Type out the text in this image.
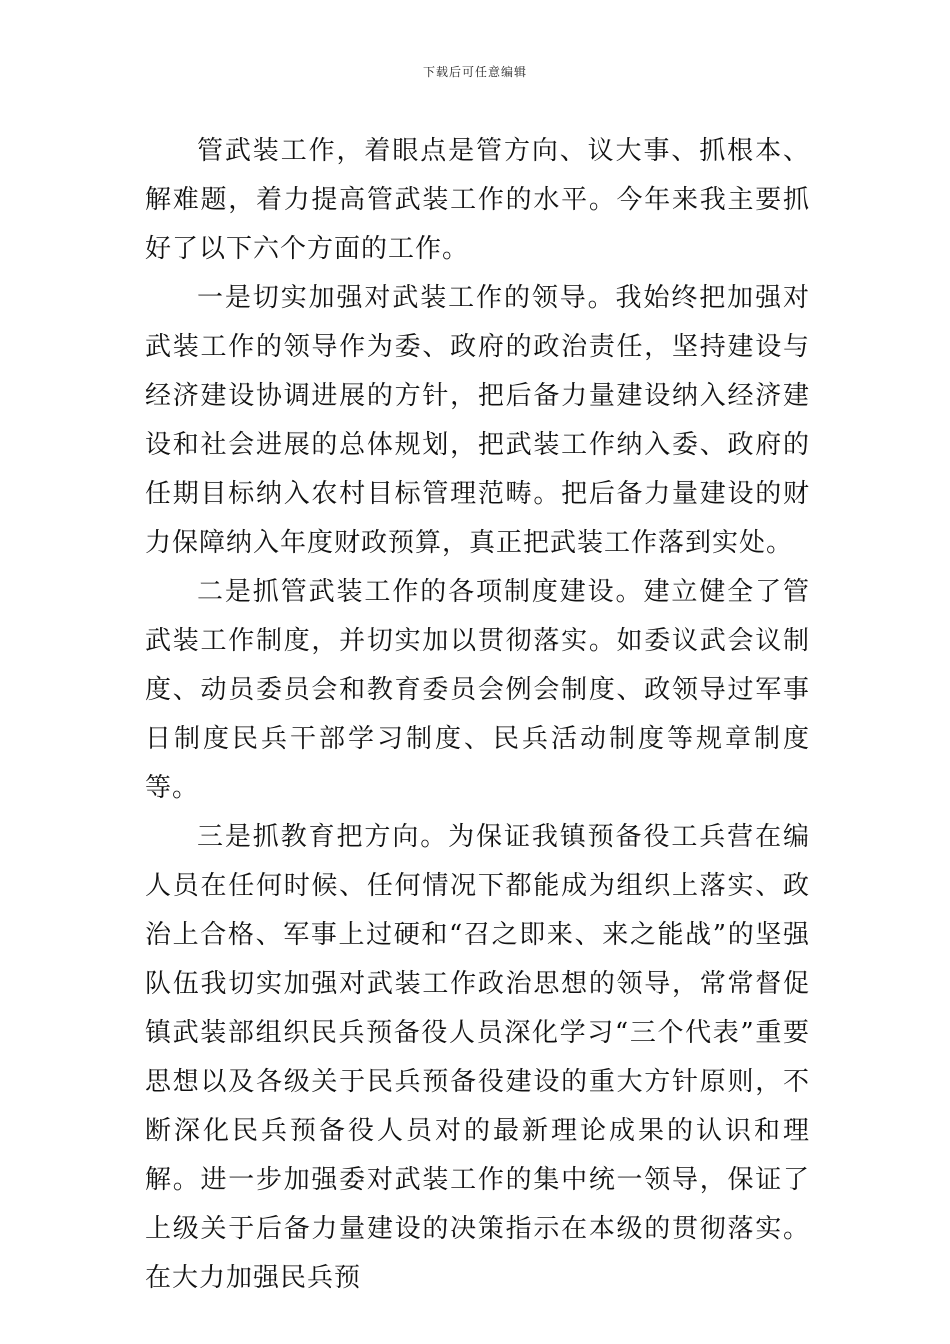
下载后可任意编辑

管武装工作，着眼点是管方向、议大事、抓根本、解难题，着力提高管武装工作的水平。今年来我主要抓好了以下六个方面的工作。

一是切实加强对武装工作的领导。我始终把加强对武装工作的领导作为委、政府的政治责任，坚持建设与经济建设协调进展的方针，把后备力量建设纳入经济建设和社会进展的总体规划，把武装工作纳入委、政府的任期目标纳入农村目标管理范畴。把后备力量建设的财力保障纳入年度财政预算，真正把武装工作落到实处。

二是抓管武装工作的各项制度建设。建立健全了管武装工作制度，并切实加以贯彻落实。如委议武会议制度、动员委员会和教育委员会例会制度、政领导过军事日制度民兵干部学习制度、民兵活动制度等规章制度等。

三是抓教育把方向。为保证我镇预备役工兵营在编人员在任何时候、任何情况下都能成为组织上落实、政治上合格、军事上过硬和“召之即来、来之能战”的坚强队伍我切实加强对武装工作政治思想的领导，常常督促镇武装部组织民兵预备役人员深化学习“三个代表”重要思想以及各级关于民兵预备役建设的重大方针原则，不断深化民兵预备役人员对的最新理论成果的认识和理解。进一步加强委对武装工作的集中统一领导，保证了上级关于后备力量建设的决策指示在本级的贯彻落实。在大力加强民兵预
